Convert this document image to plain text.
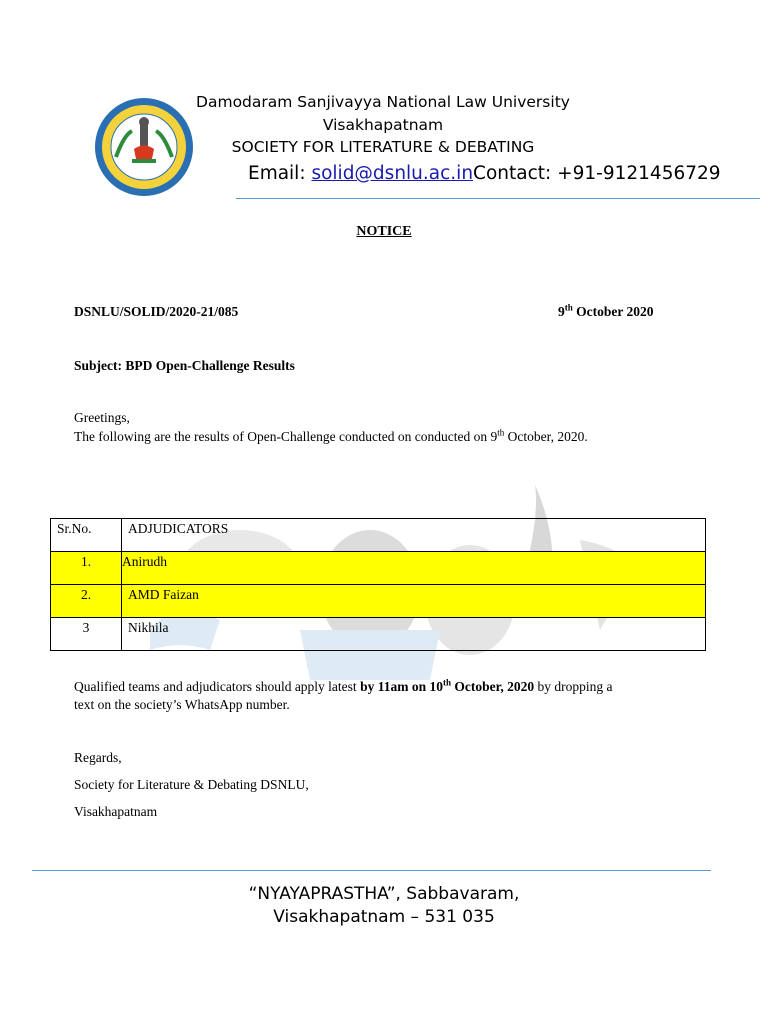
Damodaram Sanjivayya National Law University
Visakhapatnam
SOCIETY FOR LITERATURE & DEBATING
Email: solid@dsnlu.ac.inContact: +91-9121456729
NOTICE
DSNLU/SOLID/2020-21/085	9th October 2020
Subject: BPD Open-Challenge Results
Greetings,
The following are the results of Open-Challenge conducted on conducted on 9th October, 2020.
Sr.No.	ADJUDICATORS

1.	Anirudh

2.	AMD Faizan

3	Nikhila
Qualified teams and adjudicators should apply latest by 11am on 10th October, 2020 by dropping a
text on the society’s WhatsApp number.
Regards,
Society for Literature & Debating DSNLU,
Visakhapatnam
“NYAYAPRASTHA”, Sabbavaram,
Visakhapatnam – 531 035
